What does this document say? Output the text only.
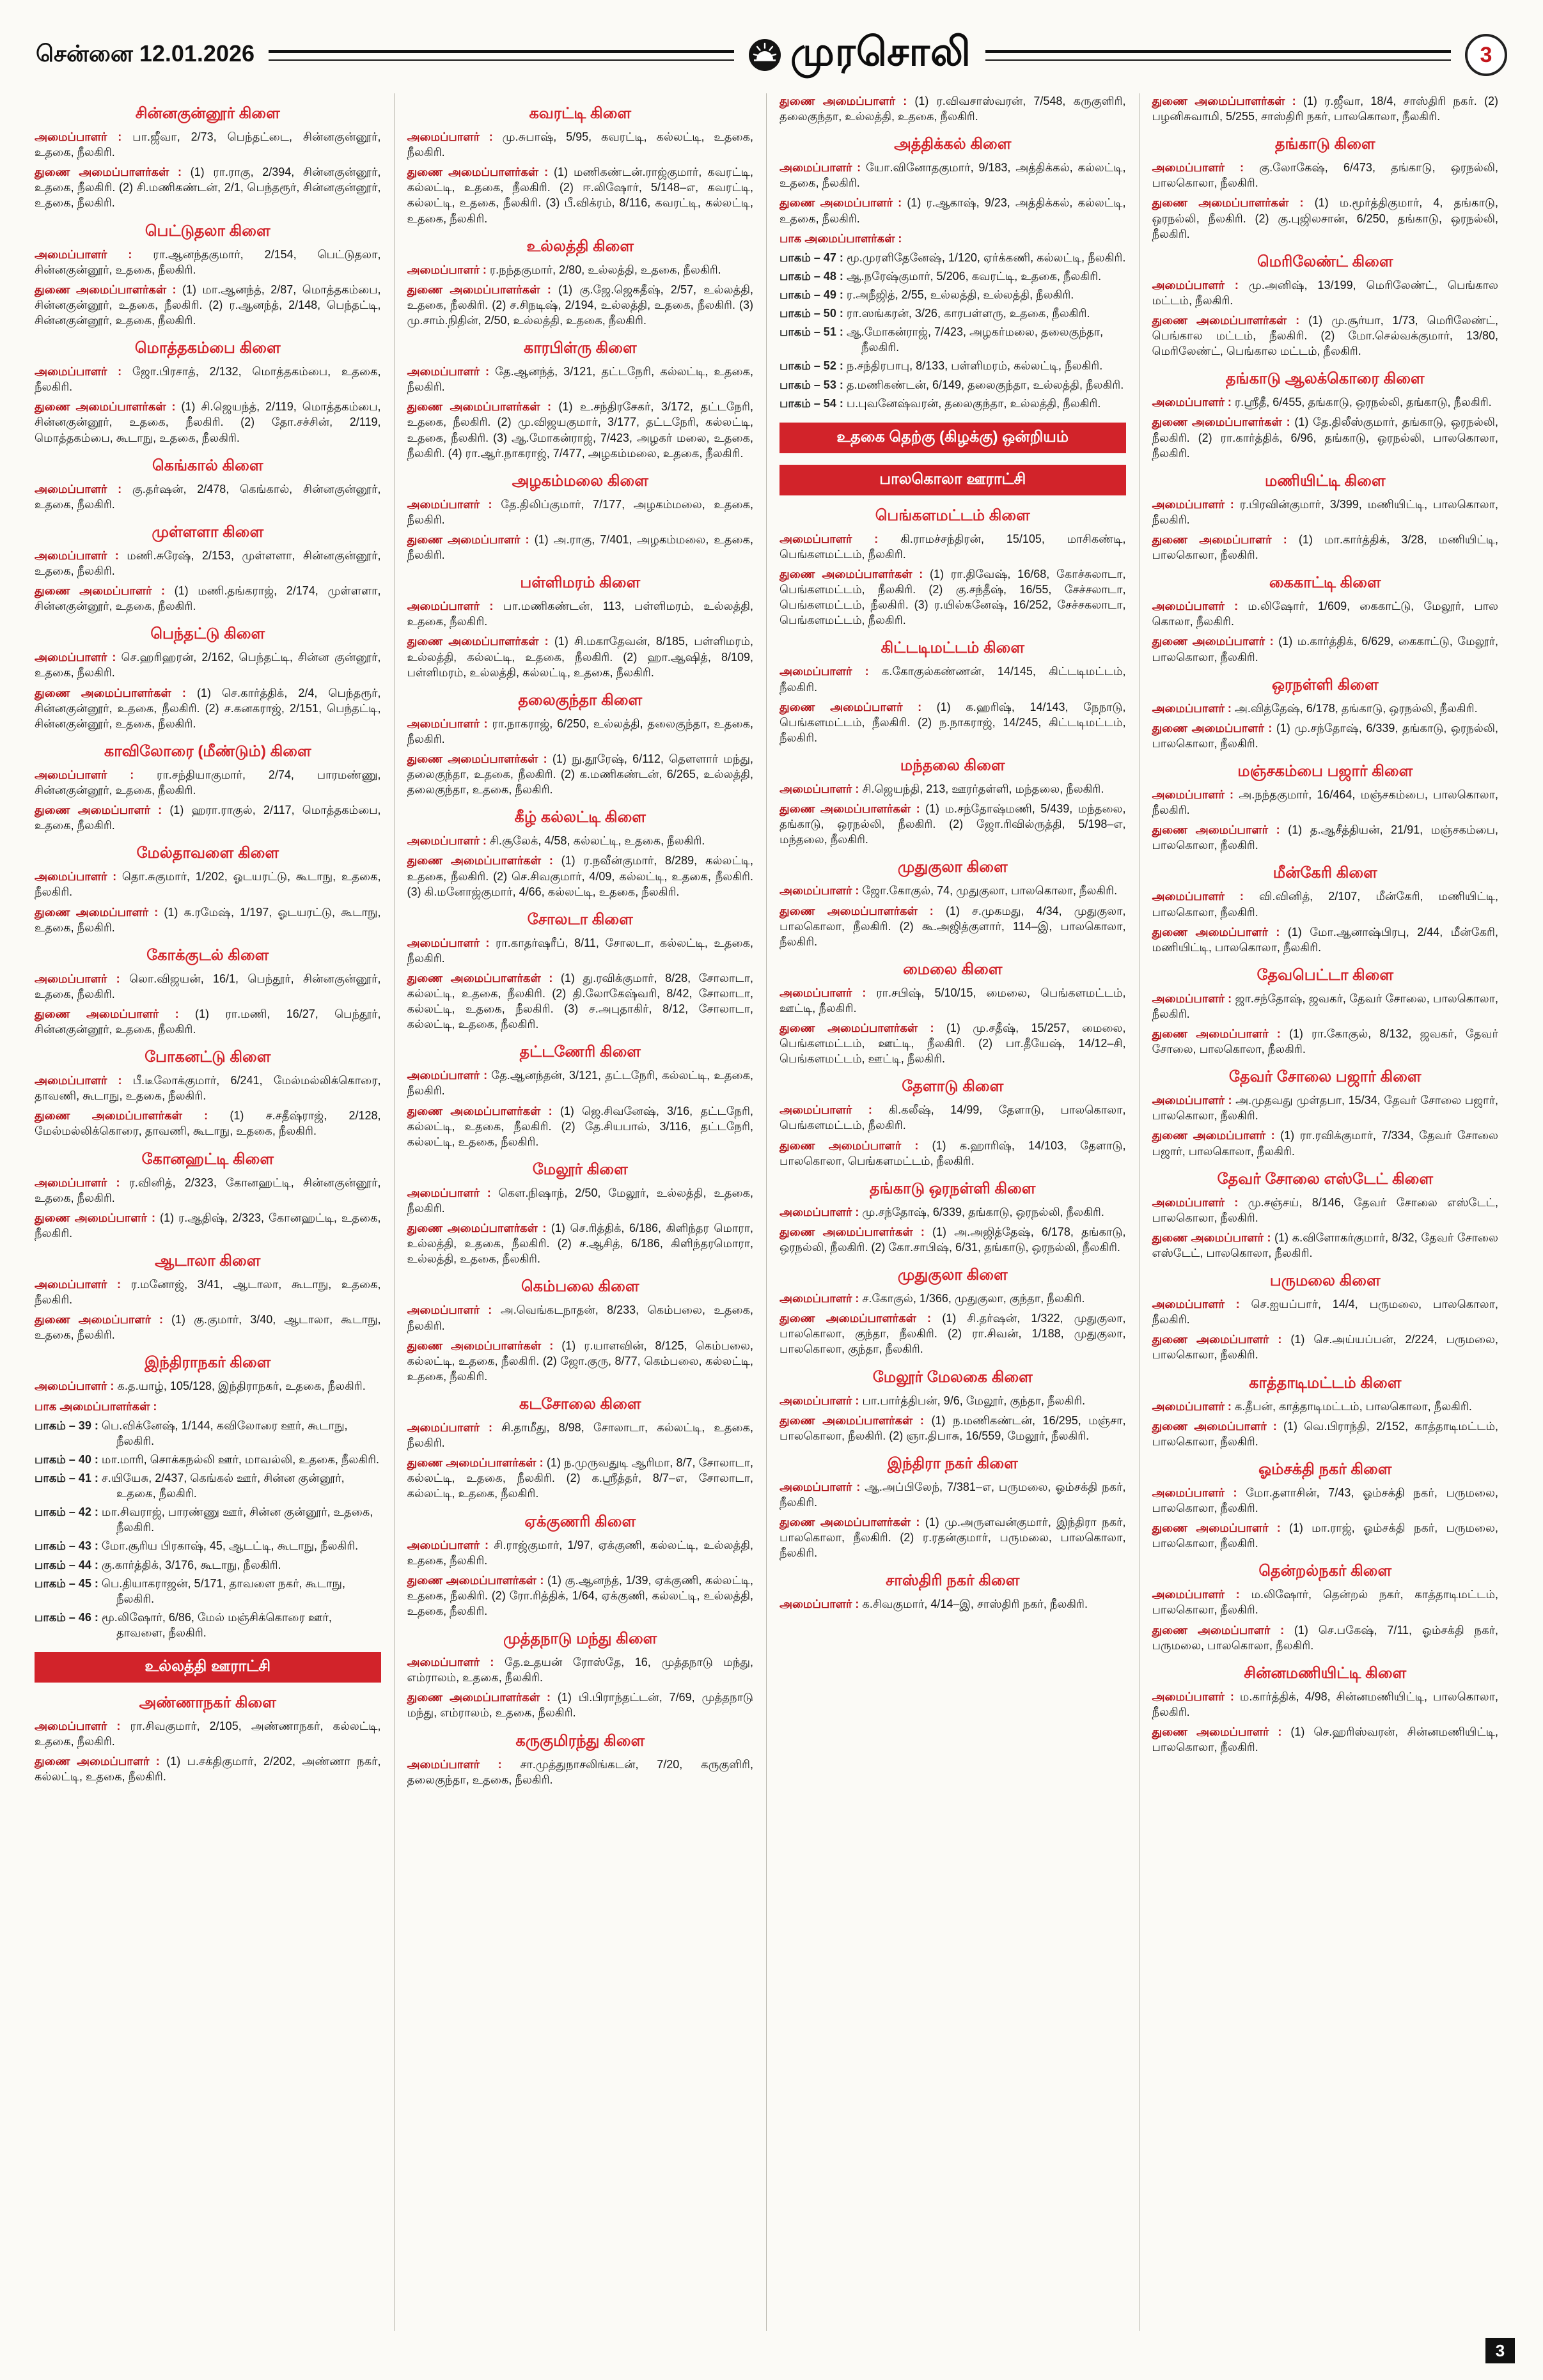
சென்னை 12.01.2026	முரசொலி	3
சின்னகுன்னூர் கிளை

அமைப்பாளர் : பா.ஜீவா, 2/73, பெந்தட்டை, சின்னகுன்னூர், உதகை, நீலகிரி.

துணை அமைப்பாளர்கள் : (1) ரா.ராகு, 2/394, சின்னகுன்னூர், உதகை, நீலகிரி. (2) சி.மணிகண்டன், 2/1, பெந்தரூர், சின்னகுன்னூர், உதகை, நீலகிரி.

பெட்டுதலா கிளை

அமைப்பாளர் : ரா.ஆனந்தகுமார், 2/154, பெட்டுதலா, சின்னகுன்னூர், உதகை, நீலகிரி.

துணை அமைப்பாளர்கள் : (1) மா.ஆனந்த், 2/87, மொத்தகம்பை, சின்னகுன்னூர், உதகை, நீலகிரி. (2) ர.ஆனந்த், 2/148, பெந்தட்டி, சின்னகுன்னூர், உதகை, நீலகிரி.

மொத்தகம்பை கிளை

அமைப்பாளர் : ஜோ.பிரசாத், 2/132, மொத்தகம்பை, உதகை, நீலகிரி.

துணை அமைப்பாளர்கள் : (1) சி.ஜெயந்த், 2/119, மொத்தகம்பை, சின்னகுன்னூர், உதகை, நீலகிரி. (2) தோ.சச்சின், 2/119, மொத்தகம்பை, கூடாநு, உதகை, நீலகிரி.

கெங்கால் கிளை

அமைப்பாளர் : கு.தர்ஷன், 2/478, கெங்கால், சின்னகுன்னூர், உதகை, நீலகிரி.

முள்ளளா கிளை

அமைப்பாளர் : மணி.சுரேஷ், 2/153, முள்ளளா, சின்னகுன்னூர், உதகை, நீலகிரி.

துணை அமைப்பாளர் : (1) மணி.தங்கராஜ், 2/174, முள்ளளா, சின்னகுன்னூர், உதகை, நீலகிரி.

பெந்தட்டு கிளை

அமைப்பாளர் : செ.ஹரிஹரன், 2/162, பெந்தட்டி, சின்ன குன்னூர், உதகை, நீலகிரி.

துணை அமைப்பாளர்கள் : (1) செ.கார்த்திக், 2/4, பெந்தரூர், சின்னகுன்னூர், உதகை, நீலகிரி. (2) ச.கனகராஜ், 2/151, பெந்தட்டி, சின்னகுன்னூர், உதகை, நீலகிரி.

காவிலோரை (மீண்டும்) கிளை

அமைப்பாளர் : ரா.சந்தியாகுமார், 2/74, பாரமண்ணு, சின்னகுன்னூர், உதகை, நீலகிரி.

துணை அமைப்பாளர் : (1) ஹரா.ராகுல், 2/117, மொத்தகம்பை, உதகை, நீலகிரி.

மேல்தாவளை கிளை

அமைப்பாளர் : தொ.சுகுமார், 1/202, ஓடயரட்டு, கூடாநு, உதகை, நீலகிரி.

துணை அமைப்பாளர் : (1) சு.ரமேஷ், 1/197, ஓடயரட்டு, கூடாநு, உதகை, நீலகிரி.

கோக்குடல் கிளை

அமைப்பாளர் : லொ.விஜயன், 16/1, பெந்தூர், சின்னகுன்னூர், உதகை, நீலகிரி.

துணை அமைப்பாளர் : (1) ரா.மணி, 16/27, பெந்தூர், சின்னகுன்னூர், உதகை, நீலகிரி.

போகனட்டு கிளை

அமைப்பாளர் : பீ.டீலோக்குமார், 6/241, மேல்மல்லிக்கொரை, தாவணி, கூடாநு, உதகை, நீலகிரி.

துணை அமைப்பாளர்கள் : (1) ச.சதீஷ்ராஜ், 2/128, மேல்மல்லிக்கொரை, தாவணி, கூடாநு, உதகை, நீலகிரி.

கோனஹட்டி கிளை

அமைப்பாளர் : ர.வினித், 2/323, கோனஹட்டி, சின்னகுன்னூர், உதகை, நீலகிரி.

துணை அமைப்பாளர் : (1) ர.ஆதிஷ், 2/323, கோனஹட்டி, உதகை, நீலகிரி.

ஆடாலா கிளை

அமைப்பாளர் : ர.மனோஜ், 3/41, ஆடாலா, கூடாநு, உதகை, நீலகிரி.

துணை அமைப்பாளர் : (1) கு.குமார், 3/40, ஆடாலா, கூடாநு, உதகை, நீலகிரி.

இந்திராநகர் கிளை

அமைப்பாளர் : க.த.யாழ், 105/128, இந்திராநகர், உதகை, நீலகிரி.

பாக அமைப்பாளர்கள் :

பாகம் – 39 : பெ.விக்னேஷ், 1/144, கவிலோரை ஊர், கூடாநு, நீலகிரி.

பாகம் – 40 : மா.மாரி, சொக்கநல்லி ஊர், மாவல்லி, உதகை, நீலகிரி.

பாகம் – 41 : ச.யியேசு, 2/437, கெங்கல் ஊர், சின்ன குன்னூர், உதகை, நீலகிரி.

பாகம் – 42 : மா.சிவராஜ், பாரண்ணு ஊர், சின்ன குன்னூர், உதகை, நீலகிரி.

பாகம் – 43 : மோ.சூரிய பிரகாஷ், 45, ஆடட்டி, கூடாநு, நீலகிரி.

பாகம் – 44 : கு.கார்த்திக், 3/176, கூடாநு, நீலகிரி.

பாகம் – 45 : பெ.தியாகராஜன், 5/171, தாவளை நகர், கூடாநு, நீலகிரி.

பாகம் – 46 : மூ.லிஷோர், 6/86, மேல் மஞ்சிக்கொரை ஊர், தாவளை, நீலகிரி.

உல்லத்தி ஊராட்சி
அண்ணாநகர் கிளை

அமைப்பாளர் : ரா.சிவகுமார், 2/105, அண்ணாநகர், கல்லட்டி, உதகை, நீலகிரி.

துணை அமைப்பாளர் : (1) ப.சக்திகுமார், 2/202, அண்ணா நகர், கல்லட்டி, உதகை, நீலகிரி.

கவரட்டி கிளை

அமைப்பாளர் : மு.சுபாஷ், 5/95, கவரட்டி, கல்லட்டி, உதகை, நீலகிரி.

துணை அமைப்பாளர்கள் : (1) மணிகண்டன்.ராஜ்குமார், கவரட்டி, கல்லட்டி, உதகை, நீலகிரி. (2) ஈ.லிஷோர், 5/148–எ, கவரட்டி, கல்லட்டி, உதகை, நீலகிரி. (3) பீ.விக்ரம், 8/116, கவரட்டி, கல்லட்டி, உதகை, நீலகிரி.

உல்லத்தி கிளை

அமைப்பாளர் : ர.நந்தகுமார், 2/80, உல்லத்தி, உதகை, நீலகிரி.

துணை அமைப்பாளர்கள் : (1) கு.ஜே.ஜெகதீஷ், 2/57, உல்லத்தி, உதகை, நீலகிரி. (2) ச.சிநடிஷ், 2/194, உல்லத்தி, உதகை, நீலகிரி. (3) மு.சாம்.நிதின், 2/50, உல்லத்தி, உதகை, நீலகிரி.

காரபிள்ரு கிளை

அமைப்பாளர் : தே.ஆனந்த், 3/121, தட்டநேரி, கல்லட்டி, உதகை, நீலகிரி.

துணை அமைப்பாளர்கள் : (1) உ.சந்திரசேகர், 3/172, தட்டநேரி, உதகை, நீலகிரி. (2) மு.விஜயகுமார், 3/177, தட்டநேரி, கல்லட்டி, உதகை, நீலகிரி. (3) ஆ.மோகன்ராஜ், 7/423, அழகர் மலை, உதகை, நீலகிரி. (4) ரா.ஆர்.நாகராஜ், 7/477, அழகம்மலை, உதகை, நீலகிரி.

அழகம்மலை கிளை

அமைப்பாளர் : தே.திலிப்குமார், 7/177, அழகம்மலை, உதகை, நீலகிரி.

துணை அமைப்பாளர் : (1) அ.ராகு, 7/401, அழகம்மலை, உதகை, நீலகிரி.

பள்ளிமரம் கிளை

அமைப்பாளர் : பா.மணிகண்டன், 113, பள்ளிமரம், உல்லத்தி, உதகை, நீலகிரி.

துணை அமைப்பாளர்கள் : (1) சி.மகாதேவன், 8/185, பள்ளிமரம், உல்லத்தி, கல்லட்டி, உதகை, நீலகிரி. (2) ஹா.ஆஷித், 8/109, பள்ளிமரம், உல்லத்தி, கல்லட்டி, உதகை, நீலகிரி.

தலைகுந்தா கிளை

அமைப்பாளர் : ரா.நாகராஜ், 6/250, உல்லத்தி, தலைகுந்தா, உதகை, நீலகிரி.

துணை அமைப்பாளர்கள் : (1) நு.தூரேஷ், 6/112, தௌளார் மந்து, தலைகுந்தா, உதகை, நீலகிரி. (2) க.மணிகண்டன், 6/265, உல்லத்தி, தலைகுந்தா, உதகை, நீலகிரி.

கீழ் கல்லட்டி கிளை

அமைப்பாளர் : சி.சூலேக், 4/58, கல்லட்டி, உதகை, நீலகிரி.

துணை அமைப்பாளர்கள் : (1) ர.நவீன்குமார், 8/289, கல்லட்டி, உதகை, நீலகிரி. (2) செ.சிவகுமார், 4/09, கல்லட்டி, உதகை, நீலகிரி. (3) கி.மனோஜ்குமார், 4/66, கல்லட்டி, உதகை, நீலகிரி.

சோலடா கிளை

அமைப்பாளர் : ரா.காதர்ஷரீப், 8/11, சோலடா, கல்லட்டி, உதகை, நீலகிரி.

துணை அமைப்பாளர்கள் : (1) து.ரவிக்குமார், 8/28, சோலாடா, கல்லட்டி, உதகை, நீலகிரி. (2) தி.லோகேஷ்வரி, 8/42, சோலாடா, கல்லட்டி, உதகை, நீலகிரி. (3) ச.அபுதாகிர், 8/12, சோலாடா, கல்லட்டி, உதகை, நீலகிரி.

தட்டணேரி கிளை

அமைப்பாளர் : தே.ஆனந்தன், 3/121, தட்டநேரி, கல்லட்டி, உதகை, நீலகிரி.

துணை அமைப்பாளர்கள் : (1) ஜெ.சிவனேஷ், 3/16, தட்டநேரி, கல்லட்டி, உதகை, நீலகிரி. (2) தே.சியபால், 3/116, தட்டநேரி, கல்லட்டி, உதகை, நீலகிரி.

மேலூர் கிளை

அமைப்பாளர் : கௌ.நிஷாந், 2/50, மேலூர், உல்லத்தி, உதகை, நீலகிரி.

துணை அமைப்பாளர்கள் : (1) செ.ரித்திக், 6/186, கிளிந்தர மொரா, உல்லத்தி, உதகை, நீலகிரி. (2) ச.ஆசித், 6/186, கிளிந்தரமொரா, உல்லத்தி, உதகை, நீலகிரி.

கெம்பலை கிளை

அமைப்பாளர் : அ.வெங்கடநாதன், 8/233, கெம்பலை, உதகை, நீலகிரி.

துணை அமைப்பாளர்கள் : (1) ர.யாளவின், 8/125, கெம்பலை, கல்லட்டி, உதகை, நீலகிரி. (2) ஜோ.குரு, 8/77, கெம்பலை, கல்லட்டி, உதகை, நீலகிரி.

கடசோலை கிளை

அமைப்பாளர் : சி.தாமீது, 8/98, சோலாடா, கல்லட்டி, உதகை, நீலகிரி.

துணை அமைப்பாளர்கள் : (1) ந.முருவதுடி ஆரிமா, 8/7, சோலாடா, கல்லட்டி, உதகை, நீலகிரி. (2) க.ஸ்ரீத்தர், 8/7–எ, சோலாடா, கல்லட்டி, உதகை, நீலகிரி.

ஏக்குணரி கிளை

அமைப்பாளர் : சி.ராஜ்குமார், 1/97, ஏக்குணி, கல்லட்டி, உல்லத்தி, உதகை, நீலகிரி.

துணை அமைப்பாளர்கள் : (1) கு.ஆனந்த், 1/39, ஏக்குணி, கல்லட்டி, உதகை, நீலகிரி. (2) ரோ.ரித்திக், 1/64, ஏக்குணி, கல்லட்டி, உல்லத்தி, உதகை, நீலகிரி.

முத்தநாடு மந்து கிளை

அமைப்பாளர் : தே.உதயன் ரோஸ்தே, 16, முத்தநாடு மந்து, எம்ராலம், உதகை, நீலகிரி.

துணை அமைப்பாளர்கள் : (1) பி.பிராந்தட்டன், 7/69, முத்தநாடு மந்து, எம்ராலம், உதகை, நீலகிரி.

கருகுமிரந்து கிளை

அமைப்பாளர் : சா.முத்துநாசலிங்கடன், 7/20, கருகுளிரி, தலைகுந்தா, உதகை, நீலகிரி.

துணை அமைப்பாளர் : (1) ர.விவசாஸ்வரன், 7/548, கருகுளிரி, தலைகுந்தா, உல்லத்தி, உதகை, நீலகிரி.

அத்திக்கல் கிளை

அமைப்பாளர் : யோ.வினோதகுமார், 9/183, அத்திக்கல், கல்லட்டி, உதகை, நீலகிரி.

துணை அமைப்பாளர் : (1) ர.ஆகாஷ், 9/23, அத்திக்கல், கல்லட்டி, உதகை, நீலகிரி.

பாக அமைப்பாளர்கள் :

பாகம் – 47 : மூ.முரளிதேனேஷ், 1/120, ஏர்க்கணி, கல்லட்டி, நீலகிரி.

பாகம் – 48 : ஆ.நரேஷ்குமார், 5/206, கவரட்டி, உதகை, நீலகிரி.

பாகம் – 49 : ர.அநீஜித், 2/55, உல்லத்தி, உல்லத்தி, நீலகிரி.

பாகம் – 50 : ரா.ஸங்கரன், 3/26, காரபள்ளரு, உதகை, நீலகிரி.

பாகம் – 51 : ஆ.மோகன்ராஜ், 7/423, அழகர்மலை, தலைகுந்தா, நீலகிரி.

பாகம் – 52 : ந.சந்திரபாபு, 8/133, பள்ளிமரம், கல்லட்டி, நீலகிரி.

பாகம் – 53 : த.மணிகண்டன், 6/149, தலைகுந்தா, உல்லத்தி, நீலகிரி.

பாகம் – 54 : ப.புவனேஷ்வரன், தலைகுந்தா, உல்லத்தி, நீலகிரி.

உதகை தெற்கு (கிழக்கு) ஒன்றியம்
பாலகொலா ஊராட்சி
பெங்களமட்டம் கிளை

அமைப்பாளர் : கி.ராமச்சந்திரன், 15/105, மாசிகண்டி, பெங்களமட்டம், நீலகிரி.

துணை அமைப்பாளர்கள் : (1) ரா.திவேஷ், 16/68, கோச்சுலாடா, பெங்களமட்டம், நீலகிரி. (2) கு.சந்தீஷ், 16/55, சேச்சலாடா, பெங்களமட்டம், நீலகிரி. (3) ர.யில்கனேஷ், 16/252, சேச்சகலாடா, பெங்களமட்டம், நீலகிரி.

கிட்டடிமட்டம் கிளை

அமைப்பாளர் : க.கோகுல்கண்ணன், 14/145, கிட்டடிமட்டம், நீலகிரி.

துணை அமைப்பாளர் : (1) க.ஹரிஷ், 14/143, நேநாடு, பெங்களமட்டம், நீலகிரி. (2) ந.நாகராஜ், 14/245, கிட்டடிமட்டம், நீலகிரி.

மந்தலை கிளை

அமைப்பாளர் : சி.ஜெயந்தி, 213, ஊரர்தள்ளி, மந்தலை, நீலகிரி.

துணை அமைப்பாளர்கள் : (1) ம.சந்தோஷ்மணி, 5/439, மந்தலை, தங்காடு, ஒரநல்லி, நீலகிரி. (2) ஜோ.ரிவில்ருத்தி, 5/198–எ, மந்தலை, நீலகிரி.

முதுகுலா கிளை

அமைப்பாளர் : ஜோ.கோகுல், 74, முதுகுலா, பாலகொலா, நீலகிரி.

துணை அமைப்பாளர்கள் : (1) ச.முகமது, 4/34, முதுகுலா, பாலகொலா, நீலகிரி. (2) கூ.அஜித்குளார், 114–இ, பாலகொலா, நீலகிரி.

மைலை கிளை

அமைப்பாளர் : ரா.சபிஷ், 5/10/15, மைலை, பெங்களமட்டம், ஊட்டி, நீலகிரி.

துணை அமைப்பாளர்கள் : (1) மு.சதீஷ், 15/257, மைலை, பெங்களமட்டம், ஊட்டி, நீலகிரி. (2) பா.தீயேஷ், 14/12–சி, பெங்களமட்டம், ஊட்டி, நீலகிரி.

தேளாடு கிளை

அமைப்பாளர் : கி.கலீஷ், 14/99, தேளாடு, பாலகொலா, பெங்களமட்டம், நீலகிரி.

துணை அமைப்பாளர் : (1) க.ஹாரிஷ், 14/103, தேளாடு, பாலகொலா, பெங்களமட்டம், நீலகிரி.

தங்காடு ஒரநள்ளி கிளை

அமைப்பாளர் : மு.சந்தோஷ், 6/339, தங்காடு, ஒரநல்லி, நீலகிரி.

துணை அமைப்பாளர்கள் : (1) அ.அஜித்தேஷ், 6/178, தங்காடு, ஒரநல்லி, நீலகிரி. (2) கோ.சாபிஷ், 6/31, தங்காடு, ஒரநல்லி, நீலகிரி.

முதுகுலா கிளை

அமைப்பாளர் : ச.கோகுல், 1/366, முதுகுலா, குந்தா, நீலகிரி.

துணை அமைப்பாளர்கள் : (1) சி.தர்ஷன், 1/322, முதுகுலா, பாலகொலா, குந்தா, நீலகிரி. (2) ரா.சிவன், 1/188, முதுகுலா, பாலகொலா, குந்தா, நீலகிரி.

மேலூர் மேலகை கிளை

அமைப்பாளர் : பா.பார்த்திபன், 9/6, மேலூர், குந்தா, நீலகிரி.

துணை அமைப்பாளர்கள் : (1) ந.மணிகண்டன், 16/295, மஞ்சா, பாலகொலா, நீலகிரி. (2) ஞா.திபாசு, 16/559, மேலூர், நீலகிரி.

இந்திரா நகர் கிளை

அமைப்பாளர் : ஆ.அப்பிலேந், 7/381–எ, பருமலை, ஓம்சக்தி நகர், நீலகிரி.

துணை அமைப்பாளர்கள் : (1) மு.அருளவன்குமார், இந்திரா நகர், பாலகொலா, நீலகிரி. (2) ர.ரதன்குமார், பருமலை, பாலகொலா, நீலகிரி.

சாஸ்திரி நகர் கிளை

அமைப்பாளர் : க.சிவகுமார், 4/14–இ, சாஸ்திரி நகர், நீலகிரி.

துணை அமைப்பாளர்கள் : (1) ர.ஜீவா, 18/4, சாஸ்திரி நகர். (2) பழனிசுவாமி, 5/255, சாஸ்திரி நகர், பாலகொலா, நீலகிரி.

தங்காடு கிளை

அமைப்பாளர் : கு.லோகேஷ், 6/473, தங்காடு, ஒரநல்லி, பாலகொலா, நீலகிரி.

துணை அமைப்பாளர்கள் : (1) ம.மூர்த்திகுமார், 4, தங்காடு, ஒரநல்லி, நீலகிரி. (2) கு.புஜிலசான், 6/250, தங்காடு, ஒரநல்லி, நீலகிரி.

மெரிலேண்ட் கிளை

அமைப்பாளர் : மு.அனிஷ், 13/199, மெரிலேண்ட், பெங்கால மட்டம், நீலகிரி.

துணை அமைப்பாளர்கள் : (1) மு.சூர்யா, 1/73, மெரிலேண்ட், பெங்கால மட்டம், நீலகிரி. (2) மோ.செல்வக்குமார், 13/80, மெரிலேண்ட், பெங்கால மட்டம், நீலகிரி.

தங்காடு ஆலக்கொரை கிளை

அமைப்பாளர் : ர.ஸ்ரீதீ, 6/455, தங்காடு, ஒரநல்லி, தங்காடு, நீலகிரி.

துணை அமைப்பாளர்கள் : (1) தே.திலீஸ்குமார், தங்காடு, ஒரநல்லி, நீலகிரி. (2) ரா.கார்த்திக், 6/96, தங்காடு, ஒரநல்லி, பாலகொலா, நீலகிரி.

மணியிட்டி கிளை

அமைப்பாளர் : ர.பிரவின்குமார், 3/399, மணியிட்டி, பாலகொலா, நீலகிரி.

துணை அமைப்பாளர் : (1) மா.கார்த்திக், 3/28, மணியிட்டி, பாலகொலா, நீலகிரி.

கைகாட்டி கிளை

அமைப்பாளர் : ம.லிஷோர், 1/609, கைகாட்டு, மேலூர், பால கொலா, நீலகிரி.

துணை அமைப்பாளர் : (1) ம.கார்த்திக், 6/629, கைகாட்டு, மேலூர், பாலகொலா, நீலகிரி.

ஒரநள்ளி கிளை

அமைப்பாளர் : அ.வித்தேஷ், 6/178, தங்காடு, ஒரநல்லி, நீலகிரி.

துணை அமைப்பாளர் : (1) மு.சந்தோஷ், 6/339, தங்காடு, ஒரநல்லி, பாலகொலா, நீலகிரி.

மஞ்சகம்பை பஜார் கிளை

அமைப்பாளர் : அ.நந்தகுமார், 16/464, மஞ்சகம்பை, பாலகொலா, நீலகிரி.

துணை அமைப்பாளர் : (1) த.ஆசீத்தியன், 21/91, மஞ்சகம்பை, பாலகொலா, நீலகிரி.

மீன்கேரி கிளை

அமைப்பாளர் : வி.வினித், 2/107, மீன்கேரி, மணியிட்டி, பாலகொலா, நீலகிரி.

துணை அமைப்பாளர் : (1) மோ.ஆனாஷ்பிரபு, 2/44, மீன்கேரி, மணியிட்டி, பாலகொலா, நீலகிரி.

தேவபெட்டா கிளை

அமைப்பாளர் : ஜா.சந்தோஷ், ஜவகர், தேவர் சோலை, பாலகொலா, நீலகிரி.

துணை அமைப்பாளர் : (1) ரா.கோகுல், 8/132, ஜவகர், தேவர் சோலை, பாலகொலா, நீலகிரி.

தேவர் சோலை பஜார் கிளை

அமைப்பாளர் : அ.முதவது முள்தபா, 15/34, தேவர் சோலை பஜார், பாலகொலா, நீலகிரி.

துணை அமைப்பாளர் : (1) ரா.ரவிக்குமார், 7/334, தேவர் சோலை பஜார், பாலகொலா, நீலகிரி.

தேவர் சோலை எஸ்டேட் கிளை

அமைப்பாளர் : மு.சஞ்சய், 8/146, தேவர் சோலை எஸ்டேட், பாலகொலா, நீலகிரி.

துணை அமைப்பாளர் : (1) க.விளோகர்குமார், 8/32, தேவர் சோலை எஸ்டேட், பாலகொலா, நீலகிரி.

பருமலை கிளை

அமைப்பாளர் : செ.ஐயப்பார், 14/4, பருமலை, பாலகொலா, நீலகிரி.

துணை அமைப்பாளர் : (1) செ.அய்யப்பன், 2/224, பருமலை, பாலகொலா, நீலகிரி.

காத்தாடிமட்டம் கிளை

அமைப்பாளர் : க.தீபன், காத்தாடிமட்டம், பாலகொலா, நீலகிரி.

துணை அமைப்பாளர் : (1) வெ.பிராந்தி, 2/152, காத்தாடிமட்டம், பாலகொலா, நீலகிரி.

ஓம்சக்தி நகர் கிளை

அமைப்பாளர் : மோ.தளாசின், 7/43, ஓம்சக்தி நகர், பருமலை, பாலகொலா, நீலகிரி.

துணை அமைப்பாளர் : (1) மா.ராஜ், ஓம்சக்தி நகர், பருமலை, பாலகொலா, நீலகிரி.

தென்றல்நகர் கிளை

அமைப்பாளர் : ம.லிஷோர், தென்றல் நகர், காத்தாடிமட்டம், பாலகொலா, நீலகிரி.

துணை அமைப்பாளர் : (1) செ.பகேஷ், 7/11, ஓம்சக்தி நகர், பருமலை, பாலகொலா, நீலகிரி.

சின்னமணியிட்டி கிளை

அமைப்பாளர் : ம.கார்த்திக், 4/98, சின்னமணியிட்டி, பாலகொலா, நீலகிரி.

துணை அமைப்பாளர் : (1) செ.ஹரிஸ்வரன், சின்னமணியிட்டி, பாலகொலா, நீலகிரி.

3
